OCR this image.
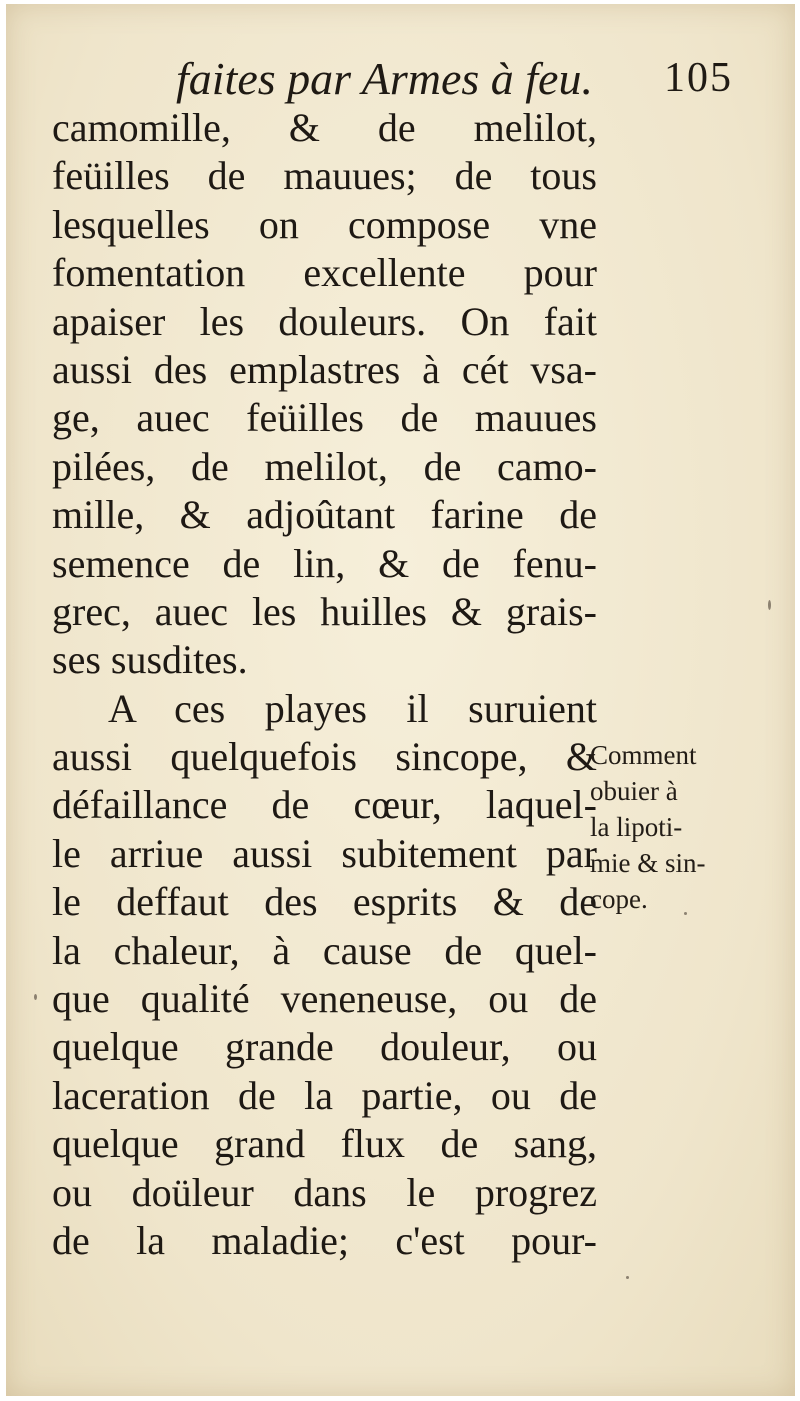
faites par Armes à feu. 105
camomille, & de melilot,
feüilles de mauues; de tous
lesquelles on compose vne
fomentation excellente pour
apaiser les douleurs. On fait
aussi des emplastres à cét vsa-
ge, auec feüilles de mauues
pilées, de melilot, de camo-
mille, & adjoûtant farine de
semence de lin, & de fenu-
grec, auec les huilles & grais-
ses susdites.
A ces playes il suruient
aussi quelquefois sincope, &
défaillance de cœur, laquel-
le arriue aussi subitement par
le deffaut des esprits & de
la chaleur, à cause de quel-
que qualité veneneuse, ou de
quelque grande douleur, ou
laceration de la partie, ou de
quelque grand flux de sang,
ou doüleur dans le progrez
de la maladie; c'est pour-
Comment
obuier à
la lipoti-
mie & sin-
cope.
